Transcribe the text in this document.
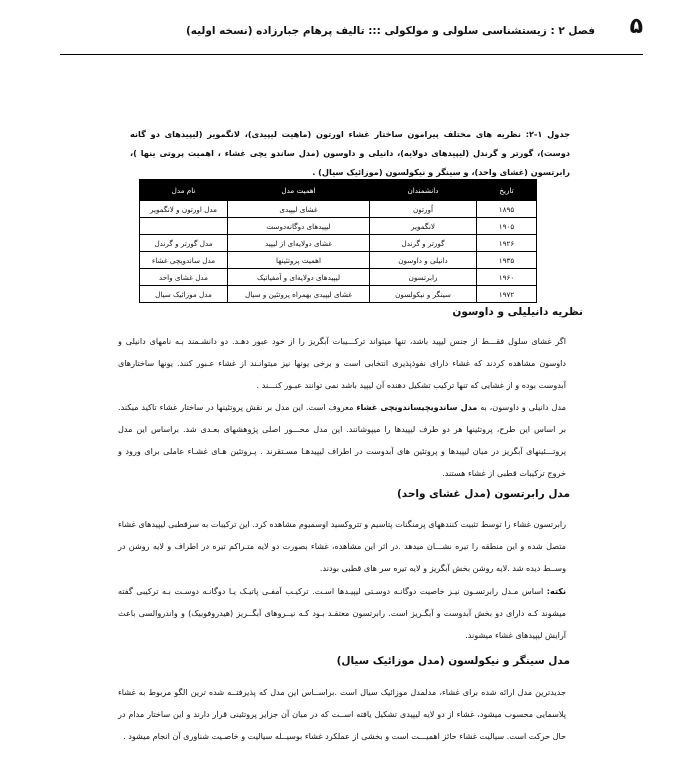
۵
فصل ۲ : زیستشناسی سلولی و مولکولی ::: تالیف پرهام جبارزاده (نسخه اولیه)
جدول ۱-۲: نظریه های مختلف پیرامون ساختار غشاء اورتون (ماهیت لیپیدی)، لانگمویر (لیپیدهای دو گانه دوست)، گورتر و گرندل (لیپیدهای دولایه)، دانیلی و داوسون (مدل ساندو یچی غشاء ، اهمیت پروتی ینها )، رابرتسون (غشای واحد)، و سینگر و نیکولسون (موزائیک سیال) .
تاریخ	دانشمندان	اهمیت مدل	نام مدل
۱۸۹۵	اُورتون	غشای لیپیدی	مدل اورتون و لانگمویر
۱۹۰۵	لانگمویر	لیپیدهای دوگانه‌دوست	
۱۹۲۶	گورتر و گرندل	غشای دولایه‌ای از لیپید	مدل گورتر و گرندل
۱۹۳۵	دانیلی و داوسون	اهمیت پروتئینها	مدل ساندویچی غشاء
۱۹۶۰	رابرتسون	لیپیدهای دولایه‌ای و آمفیاتیک	مدل غشای واحد
۱۹۷۲	سینگر و نیکولسون	غشای لیپیدی بهمراه پروتئین و سیال	مدل موزائیک سیال
نظریه دانیلیلی و داوسون
اگر غشای سلول فقـــط از جنس لیپید باشد، تنها میتواند ترکـــیبات آبگریز را از خود عبور دهـد. دو دانشـمند بـه نامهای دانیلی و داوسون مشاهده کردند که غشاء دارای نفوذپذیری انتخابی است و برخی یونها نیز میتوانـند از غشاء عـبور کنند. یونها ساختارهای آبدوست بوده و از غشایی که تنها ترکیب تشکیل دهنده آن لیپید باشد نمی توانند عبـور کنـــند .
مدل دانیلی و داوسون، به مدل ساندویچیساندویچی غشاء معروف است. این مدل بر نقش پروتئینها در ساختار غشاء تاکید میکند. بر اساس این طرح، پروتئینها هر دو طرف لیپیدها را میپوشانند. این مدل محـــور اصلی پژوهشهای بعـدی شد. براساس این مدل پروتـــئینهای آبگریز در میان لیپیدها و پروتئین های آبدوست در اطراف لیپیدهـا مسـتقرند . پـروتئین هـای غشـاء عاملی برای ورود و خروج ترکیبات قطبی از غشاء هستند.
مدل رابرتسون (مدل غشای واحد)
رابرتسون غشاء را توسط تثبیت کنندههای پرمنگنات پتاسیم و تتروکسید اوسمیوم مشاهده کرد. این ترکیبات به سرقطبی لیپیدهای غشاء متصل شده و این منطقه را تیره نشـــان میدهد .در اثر این مشاهده، غشاء بصورت دو لایه متـراکم تیره در اطراف و لایه روشن در وســط دیده شد .لایه روشن بخش آبگریز و لایه تیره سر های قطبی بودند.
نکته: اساس مـدل رابرتسـون نیـز خاصیت دوگانـه دوسـتی لیپیـدها اسـت. ترکیـب آمفـی پاتیـک یـا دوگانـه دوسـت بـه ترکیبی گفته میشوند کـه دارای دو بخش آبدوست و آبگـریز است. رابرتسون معتقـد بـود کـه نیــروهای آبگــریز (هیدروفوبیک) و واندروالسی باعث آرایش لیپیدهای غشاء میشوند.
مدل سینگر و نیکولسون (مدل موزائیک سیال)
جدیدترین مدل ارائه شده برای غشاء، مدلمدل موزائیک سیال است .براســاس این مدل که پذیرفتــه شده ترین الگو مربوط به غشاء پلاسمایی محسوب میشود، غشاء از دو لایه لیپیدی تشکیل یافته اســت که در میان آن جزایر پروتئینی قرار دارند و این ساختار مدام در حال حرکت است. سیالیت غشاء حائز اهمیـــت است و بخشی از عملکرد غشاء بوسیــله سیالیت و خاصـیت شناوری آن انجام میشود .
